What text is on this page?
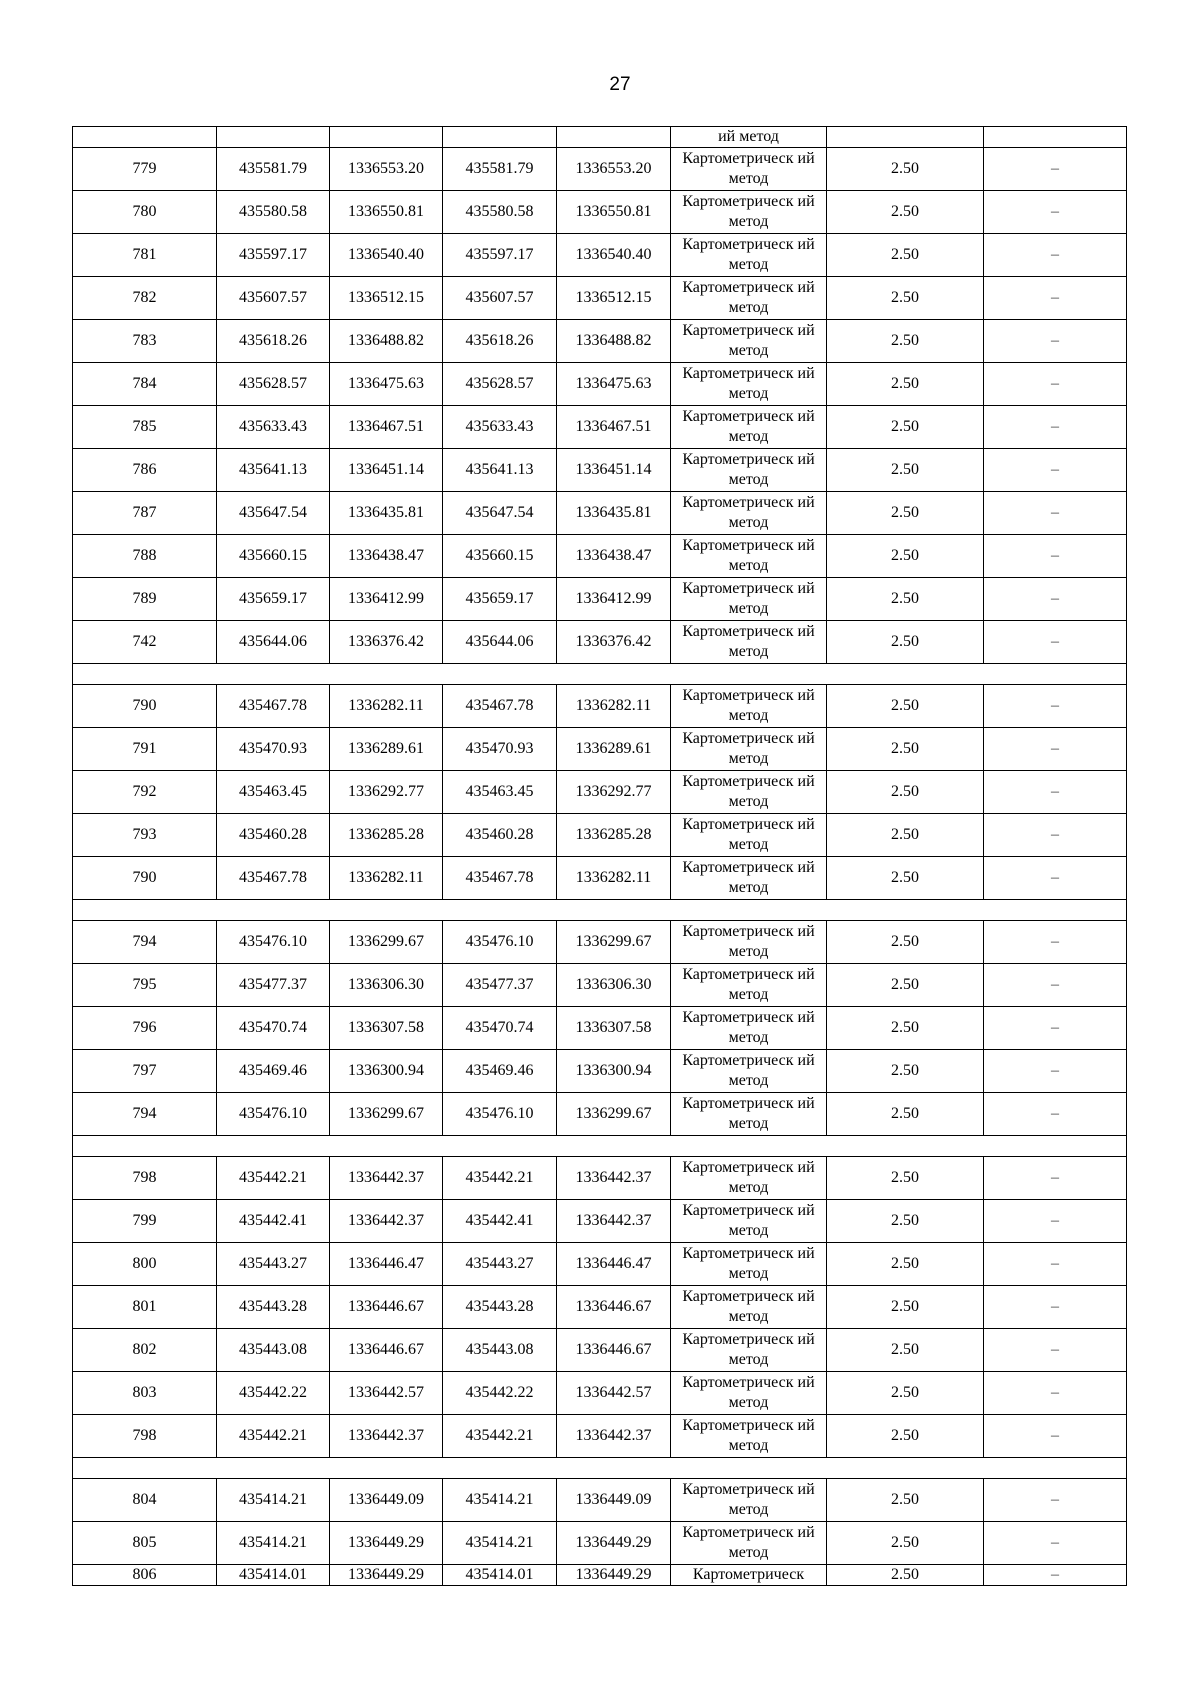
27
					ий метод		
779	435581.79	1336553.20	435581.79	1336553.20	Картометрическ ий метод	2.50	–
780	435580.58	1336550.81	435580.58	1336550.81	Картометрическ ий метод	2.50	–
781	435597.17	1336540.40	435597.17	1336540.40	Картометрическ ий метод	2.50	–
782	435607.57	1336512.15	435607.57	1336512.15	Картометрическ ий метод	2.50	–
783	435618.26	1336488.82	435618.26	1336488.82	Картометрическ ий метод	2.50	–
784	435628.57	1336475.63	435628.57	1336475.63	Картометрическ ий метод	2.50	–
785	435633.43	1336467.51	435633.43	1336467.51	Картометрическ ий метод	2.50	–
786	435641.13	1336451.14	435641.13	1336451.14	Картометрическ ий метод	2.50	–
787	435647.54	1336435.81	435647.54	1336435.81	Картометрическ ий метод	2.50	–
788	435660.15	1336438.47	435660.15	1336438.47	Картометрическ ий метод	2.50	–
789	435659.17	1336412.99	435659.17	1336412.99	Картометрическ ий метод	2.50	–
742	435644.06	1336376.42	435644.06	1336376.42	Картометрическ ий метод	2.50	–

790	435467.78	1336282.11	435467.78	1336282.11	Картометрическ ий метод	2.50	–
791	435470.93	1336289.61	435470.93	1336289.61	Картометрическ ий метод	2.50	–
792	435463.45	1336292.77	435463.45	1336292.77	Картометрическ ий метод	2.50	–
793	435460.28	1336285.28	435460.28	1336285.28	Картометрическ ий метод	2.50	–
790	435467.78	1336282.11	435467.78	1336282.11	Картометрическ ий метод	2.50	–

794	435476.10	1336299.67	435476.10	1336299.67	Картометрическ ий метод	2.50	–
795	435477.37	1336306.30	435477.37	1336306.30	Картометрическ ий метод	2.50	–
796	435470.74	1336307.58	435470.74	1336307.58	Картометрическ ий метод	2.50	–
797	435469.46	1336300.94	435469.46	1336300.94	Картометрическ ий метод	2.50	–
794	435476.10	1336299.67	435476.10	1336299.67	Картометрическ ий метод	2.50	–

798	435442.21	1336442.37	435442.21	1336442.37	Картометрическ ий метод	2.50	–
799	435442.41	1336442.37	435442.41	1336442.37	Картометрическ ий метод	2.50	–
800	435443.27	1336446.47	435443.27	1336446.47	Картометрическ ий метод	2.50	–
801	435443.28	1336446.67	435443.28	1336446.67	Картометрическ ий метод	2.50	–
802	435443.08	1336446.67	435443.08	1336446.67	Картометрическ ий метод	2.50	–
803	435442.22	1336442.57	435442.22	1336442.57	Картометрическ ий метод	2.50	–
798	435442.21	1336442.37	435442.21	1336442.37	Картометрическ ий метод	2.50	–

804	435414.21	1336449.09	435414.21	1336449.09	Картометрическ ий метод	2.50	–
805	435414.21	1336449.29	435414.21	1336449.29	Картометрическ ий метод	2.50	–
806	435414.01	1336449.29	435414.01	1336449.29	Картометрическ	2.50	–
